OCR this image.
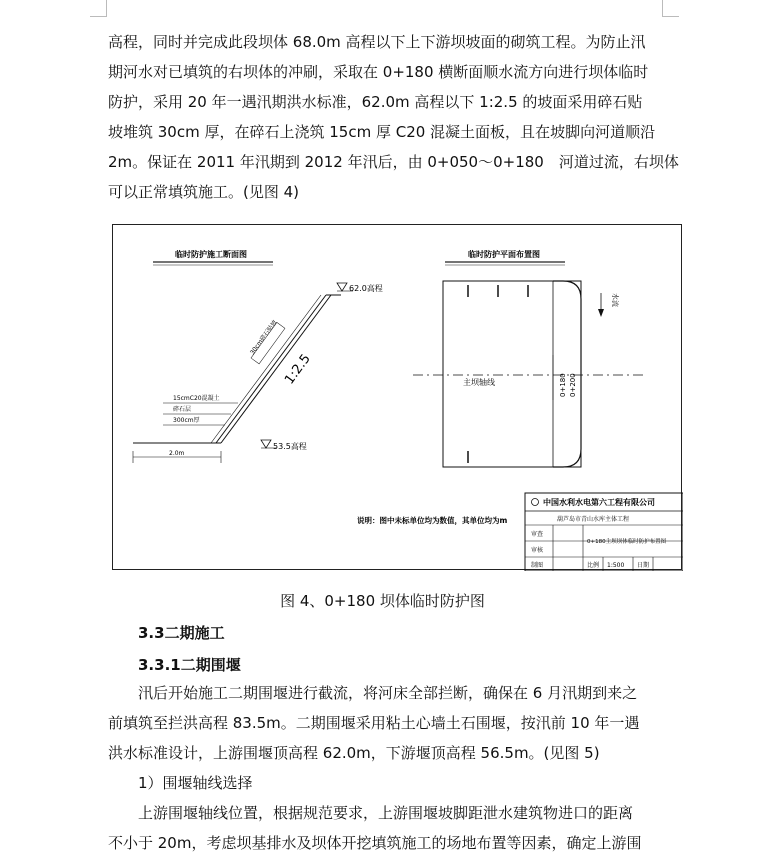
高程，同时并完成此段坝体 68.0m 高程以下上下游坝坡面的砌筑工程。为防止汛
期河水对已填筑的右坝体的冲刷，采取在 0+180 横断面顺水流方向进行坝体临时
防护，采用 20 年一遇汛期洪水标准，62.0m 高程以下 1:2.5 的坡面采用碎石贴
坡堆筑 30cm 厚，在碎石上浇筑 15cm 厚 C20 混凝土面板，且在坡脚向河道顺沿
2m。保证在 2011 年汛期到 2012 年汛后，由 0+050～0+180　河道过流，右坝体
可以正常填筑施工。(见图 4)
临时防护施工断面图
62.0高程
53.5高程
1:2.5
30cm碎石贴坡
15cmC20混凝土
碎石层
300cm厚
2.0m
临时防护平面布置图
主坝轴线	0+180 0+200
水流
说明：图中未标单位均为数值，其单位均为m
中国水利水电第六工程有限公司
葫芦岛市青山水库主体工程
审查
审核
制图
0+180主坝坝体临时防护布置图
比例 1:500 日期
图 4、0+180 坝体临时防护图
3.3二期施工
3.3.1二期围堰
汛后开始施工二期围堰进行截流，将河床全部拦断，确保在 6 月汛期到来之
前填筑至拦洪高程 83.5m。二期围堰采用粘土心墙土石围堰，按汛前 10 年一遇
洪水标准设计，上游围堰顶高程 62.0m，下游堰顶高程 56.5m。(见图 5)
1）围堰轴线选择
上游围堰轴线位置，根据规范要求，上游围堰坡脚距泄水建筑物进口的距离
不小于 20m，考虑坝基排水及坝体开挖填筑施工的场地布置等因素，确定上游围
